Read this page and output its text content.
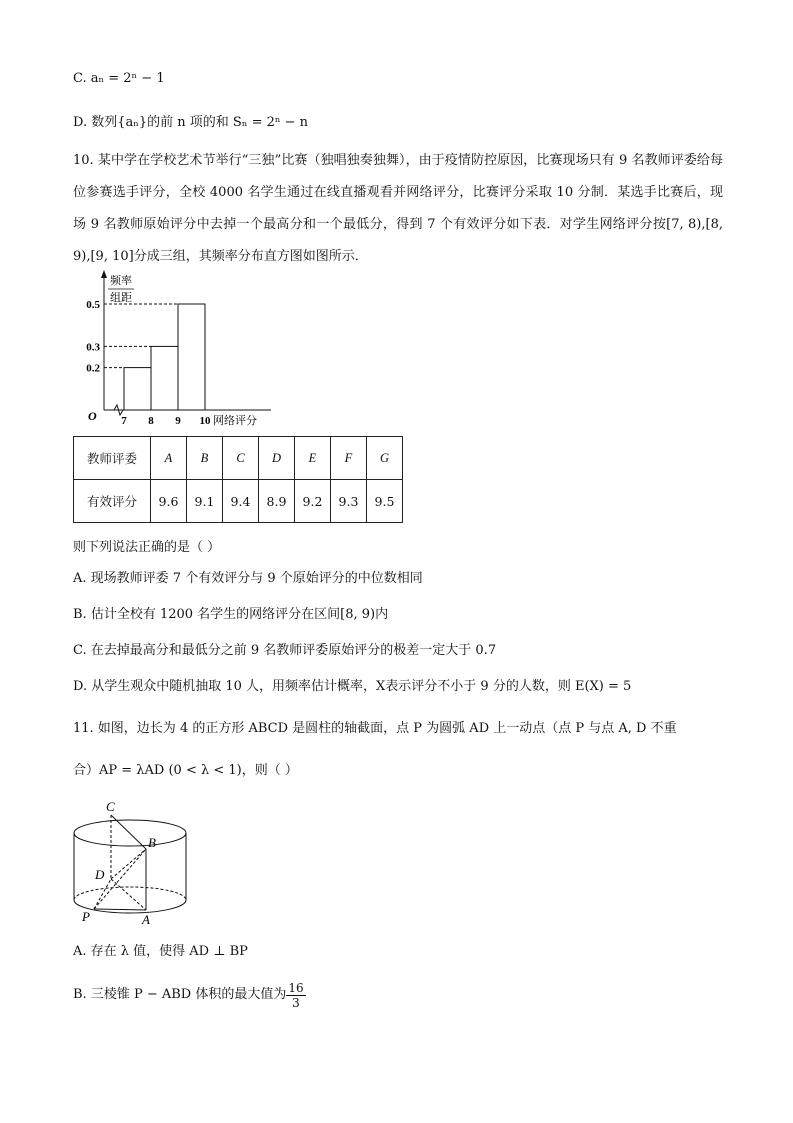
C. aₙ = 2ⁿ − 1
D. 数列{aₙ}的前 n 项的和 Sₙ = 2ⁿ − n
10. 某中学在学校艺术节举行“三独”比赛（独唱独奏独舞），由于疫情防控原因，比赛现场只有 9 名教师评委给每位参赛选手评分，全校 4000 名学生通过在线直播观看并网络评分，比赛评分采取 10 分制．某选手比赛后，现场 9 名教师原始评分中去掉一个最高分和一个最低分，得到 7 个有效评分如下表．对学生网络评分按[7, 8),[8, 9),[9, 10]分成三组，其频率分布直方图如图所示．
频率
组距
0.2
0.3
0.5
7 8 9 10 网络评分
O
教师评委	A	B	C	D	E	F	G
有效评分	9.6	9.1	9.4	8.9	9.2	9.3	9.5
则下列说法正确的是（ ）
A. 现场教师评委 7 个有效评分与 9 个原始评分的中位数相同
B. 估计全校有 1200 名学生的网络评分在区间[8, 9)内
C. 在去掉最高分和最低分之前 9 名教师评委原始评分的极差一定大于 0.7
D. 从学生观众中随机抽取 10 人，用频率估计概率，X表示评分不小于 9 分的人数，则 E(X) = 5
11. 如图，边长为 4 的正方形 ABCD 是圆柱的轴截面，点 P 为圆弧 AD 上一动点（点 P 与点 A, D 不重
合）AP = λAD (0 < λ < 1)，则（ ）
C
B
D
P	A
A. 存在 λ 值，使得 AD ⊥ BP
B. 三棱锥 P − ABD 体积的最大值为 $\frac{16}{3}$
